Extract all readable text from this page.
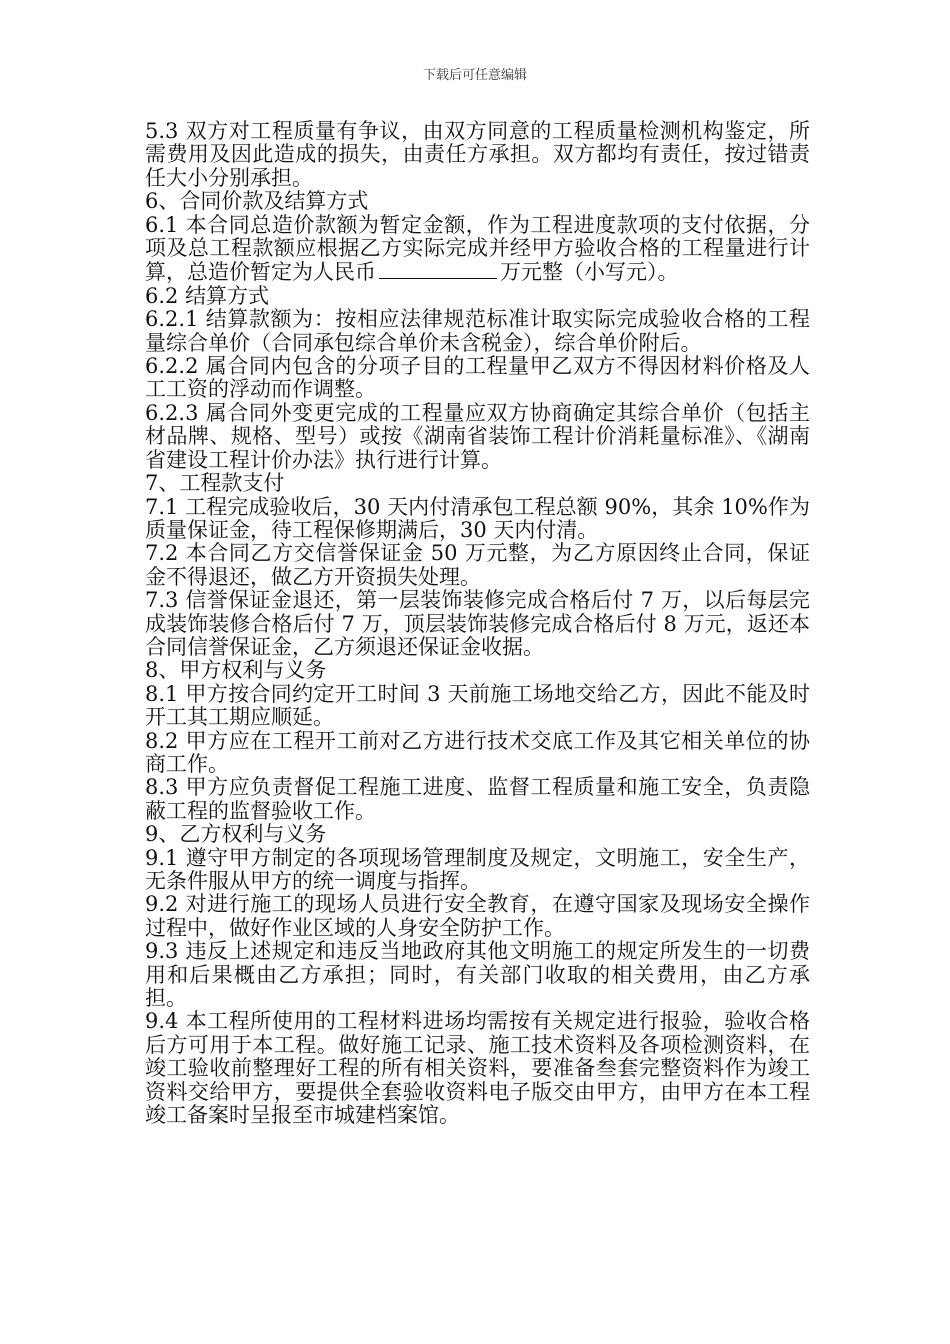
下载后可任意编辑

5.3 双方对工程质量有争议，由双方同意的工程质量检测机构鉴定，所需费用及因此造成的损失，由责任方承担。双方都均有责任，按过错责任大小分别承担。

6、合同价款及结算方式

6.1 本合同总造价款额为暂定金额，作为工程进度款项的支付依据，分项及总工程款额应根据乙方实际完成并经甲方验收合格的工程量进行计算，总造价暂定为人民币	万元整（小写元）。

6.2 结算方式

6.2.1 结算款额为：按相应法律规范标准计取实际完成验收合格的工程量综合单价（合同承包综合单价未含税金），综合单价附后。

6.2.2 属合同内包含的分项子目的工程量甲乙双方不得因材料价格及人工工资的浮动而作调整。

6.2.3 属合同外变更完成的工程量应双方协商确定其综合单价（包括主材品牌、规格、型号）或按《湖南省装饰工程计价消耗量标准》、《湖南省建设工程计价办法》执行进行计算。

7、工程款支付

7.1 工程完成验收后，30 天内付清承包工程总额 90%，其余 10%作为质量保证金，待工程保修期满后，30 天内付清。

7.2 本合同乙方交信誉保证金 50 万元整，为乙方原因终止合同，保证金不得退还，做乙方开资损失处理。

7.3 信誉保证金退还，第一层装饰装修完成合格后付 7 万，以后每层完成装饰装修合格后付 7 万，顶层装饰装修完成合格后付 8 万元，返还本合同信誉保证金，乙方须退还保证金收据。

8、甲方权利与义务

8.1 甲方按合同约定开工时间 3 天前施工场地交给乙方，因此不能及时开工其工期应顺延。

8.2 甲方应在工程开工前对乙方进行技术交底工作及其它相关单位的协商工作。

8.3 甲方应负责督促工程施工进度、监督工程质量和施工安全，负责隐蔽工程的监督验收工作。

9、乙方权利与义务

9.1 遵守甲方制定的各项现场管理制度及规定，文明施工，安全生产，无条件服从甲方的统一调度与指挥。

9.2 对进行施工的现场人员进行安全教育，在遵守国家及现场安全操作过程中，做好作业区域的人身安全防护工作。

9.3 违反上述规定和违反当地政府其他文明施工的规定所发生的一切费用和后果概由乙方承担；同时，有关部门收取的相关费用，由乙方承担。

9.4 本工程所使用的工程材料进场均需按有关规定进行报验，验收合格后方可用于本工程。做好施工记录、施工技术资料及各项检测资料，在竣工验收前整理好工程的所有相关资料，要准备叁套完整资料作为竣工资料交给甲方，要提供全套验收资料电子版交由甲方，由甲方在本工程竣工备案时呈报至市城建档案馆。
